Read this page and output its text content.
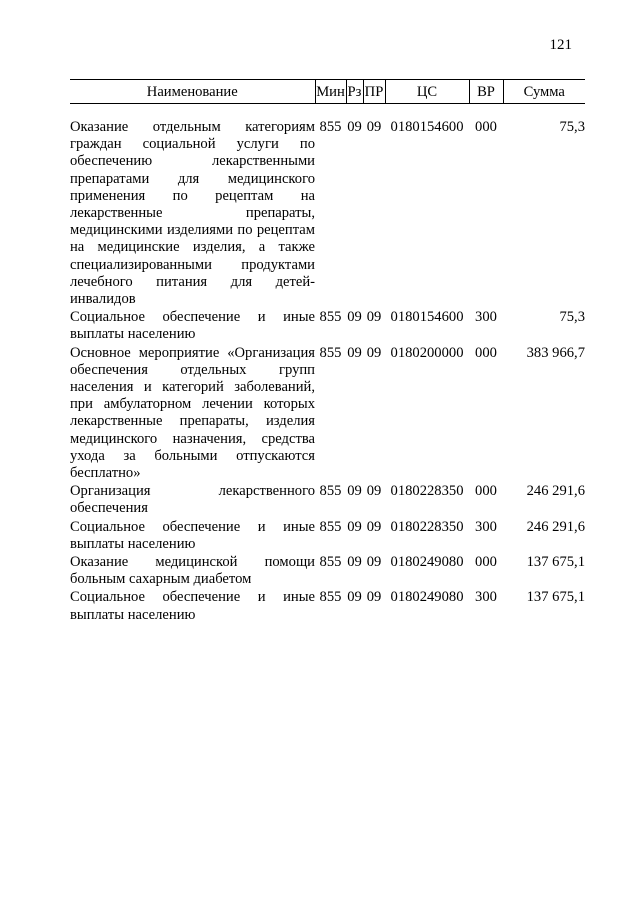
121
Наименование	Мин	Рз	ПР	ЦС	ВР	Сумма

Оказание отдельным категориям граждан социальной услуги по обеспечению лекарственными препаратами для медицинского применения по рецептам на лекарственные препараты, медицинскими изделиями по рецептам на медицинские изделия, а также специализированными продуктами лечебного питания для детей-инвалидов	855	09	09	0180154600	000	75,3
Социальное обеспечение и иные выплаты населению	855	09	09	0180154600	300	75,3
Основное мероприятие «Организация обеспечения отдельных групп населения и категорий заболеваний, при амбулаторном лечении которых лекарственные препараты, изделия медицинского назначения, средства ухода за больными отпускаются бесплатно»	855	09	09	0180200000	000	383 966,7
Организация лекарственного обеспечения	855	09	09	0180228350	000	246 291,6
Социальное обеспечение и иные выплаты населению	855	09	09	0180228350	300	246 291,6
Оказание медицинской помощи больным сахарным диабетом	855	09	09	0180249080	000	137 675,1
Социальное обеспечение и иные выплаты населению	855	09	09	0180249080	300	137 675,1
